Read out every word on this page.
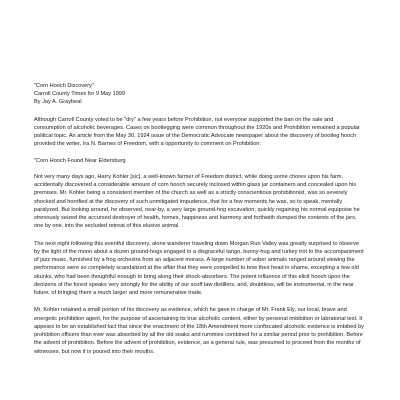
"Corn Hooch Discovery"

Carroll County Times for 9 May 1999

By Jay A. Graybeal

Although Carroll County voted to be "dry" a few years before Prohibition, not everyone supported the ban on the sale and consumption of alcoholic beverages. Cases on bootlegging were common throughout the 1920s and Prohibition remained a popular political topic. An article from the May 30, 1924 issue of the Democratic Advocate newspaper about the discovery of bootleg hooch provided the writer, Ira N. Barnes of Freedom, with a opportunity to comment on Prohibition:

"Corn Hooch Found Near Eldersburg

Not very many days ago, Harry Kohler [sic], a well-known farmer of Freedom district, while doing some chores upon his farm, accidentally discovered a considerable amount of corn hooch securely inclosed within glass jar containers and concealed upon his premises. Mr. Kohler being a consistent member of the church as well as a strictly conscientious prohibitionist, was so severely shocked and horrified at the discovery of such unmitigated impudence, that for a few moments he was, so to speak, mentally paralyzed. But looking around, he observed, near-by, a very large ground-hog excavation; quickly regaining his normal equipoise he strenously seized the accursed destroyer of health, homes, happiness and harmony and forthwith dumped the contents of the jars, one by one, into the secluded retreat of this elusive animal.

The next night following this eventful discovery, alone wanderer traveling down Morgan Run Valley was greatly surprised to observe by the light of the moon about a dozen ground-hogs engaged in a disgraceful tango, bunny-hug and turkey trot to the accompaniment of jazz music, furnished by a frog orchestra from an adjacent morass. A large number of sober animals ranged around viewing the performance were so completely scandalized at the affair that they were compelled to bow their head in shame, excepting a few old skunks, who had been thoughtful enough to bring along their shock-absorbers. The potent influence of this elicit hooch upon the denizens of the forest speaks very strongly for the ability of our scoff law distillers, and, doubtless, will be instrumental, in the near future, of bringing them a much larger and more remunerative trade.

Mr. Kohler retained a small portion of his discovery as evidence, which he gave in charge of Mr. Frank Ely, our local, brave and energetic prohibition agent, for the purpose of ascertaining its true alcoholic content, either by personal imbibition or labratorial test. It appears to be an established fact that since the enactment of the 18th Amendment more confiscated alcoholic evidence is imbibed by prohibition officers than ever was absorbed by all the old soaks and rummies combined for a similar period prior to prohibition. Before the advent of prohibition. Before the advent of prohibition, evidence, as a general rule, was presumed to proceed from the months of witnesses, but now it is poured into their mouths.
